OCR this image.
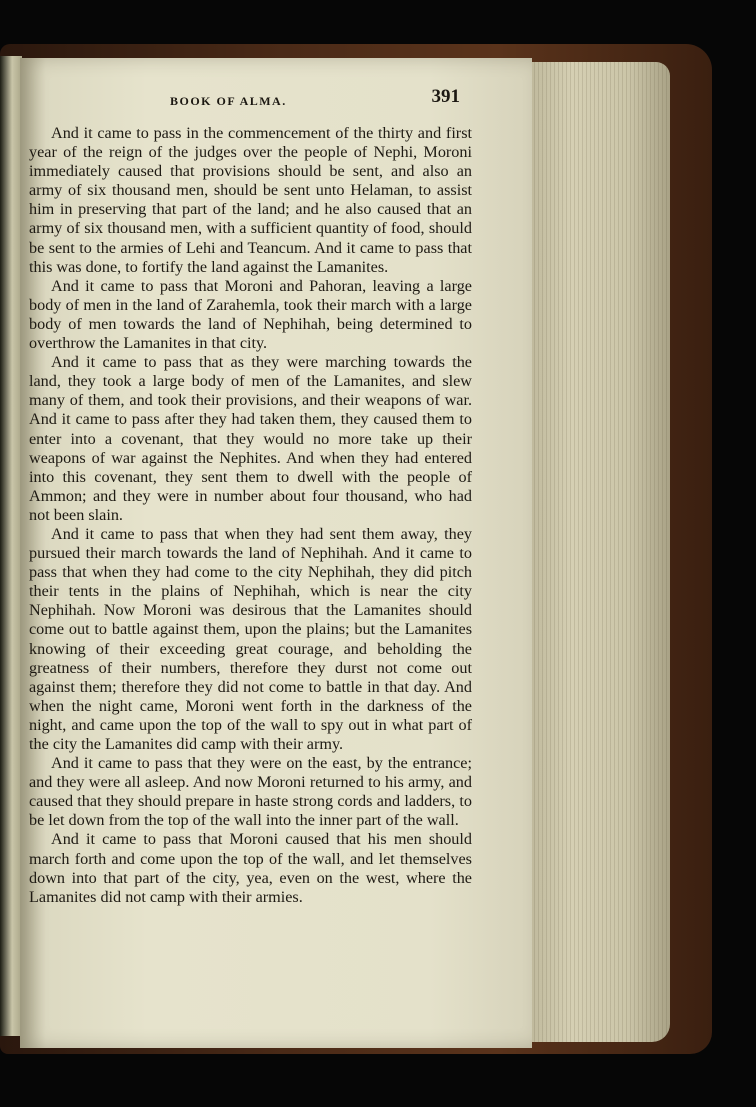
BOOK OF ALMA.	391

And it came to pass in the commencement of the thirty and first year of the reign of the judges over the people of Nephi, Moroni immediately caused that provisions should be sent, and also an army of six thousand men, should be sent unto Helaman, to assist him in preserving that part of the land; and he also caused that an army of six thousand men, with a sufficient quantity of food, should be sent to the armies of Lehi and Teancum. And it came to pass that this was done, to fortify the land against the Lamanites.

And it came to pass that Moroni and Pahoran, leaving a large body of men in the land of Zarahemla, took their march with a large body of men towards the land of Nephihah, being determined to overthrow the Lamanites in that city.

And it came to pass that as they were marching towards the land, they took a large body of men of the Lamanites, and slew many of them, and took their provisions, and their weapons of war. And it came to pass after they had taken them, they caused them to enter into a covenant, that they would no more take up their weapons of war against the Nephites. And when they had entered into this covenant, they sent them to dwell with the people of Ammon; and they were in number about four thousand, who had not been slain.

And it came to pass that when they had sent them away, they pursued their march towards the land of Nephihah. And it came to pass that when they had come to the city Nephihah, they did pitch their tents in the plains of Nephihah, which is near the city Nephihah. Now Moroni was desirous that the Lamanites should come out to battle against them, upon the plains; but the Lamanites knowing of their exceeding great courage, and beholding the greatness of their numbers, therefore they durst not come out against them; therefore they did not come to battle in that day. And when the night came, Moroni went forth in the darkness of the night, and came upon the top of the wall to spy out in what part of the city the Lamanites did camp with their army.

And it came to pass that they were on the east, by the entrance; and they were all asleep. And now Moroni returned to his army, and caused that they should prepare in haste strong cords and ladders, to be let down from the top of the wall into the inner part of the wall.

And it came to pass that Moroni caused that his men should march forth and come upon the top of the wall, and let themselves down into that part of the city, yea, even on the west, where the Lamanites did not camp with their armies.
